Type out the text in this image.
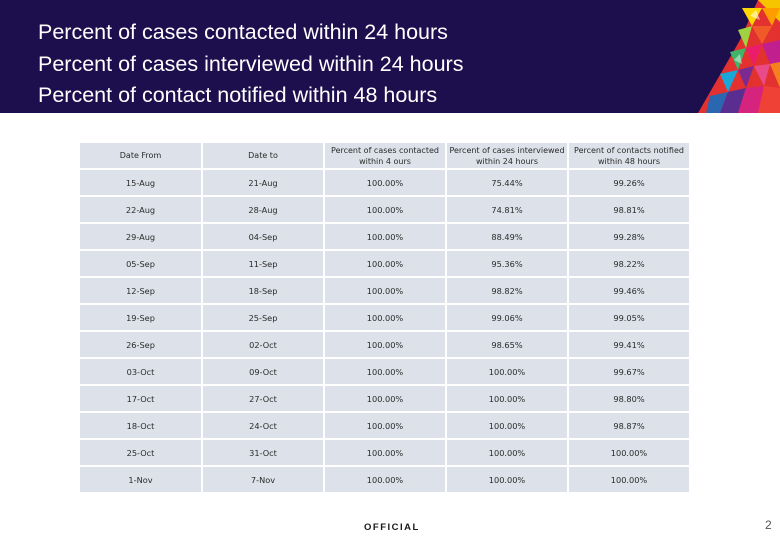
Percent of cases contacted within 24 hours
Percent of cases interviewed within 24 hours
Percent of contact notified within 48 hours
Date From	Date to	Percent of cases contacted within 4 ours	Percent of cases interviewed within 24 hours	Percent of contacts notified within 48 hours
15-Aug	21-Aug	100.00%	75.44%	99.26%
22-Aug	28-Aug	100.00%	74.81%	98.81%
29-Aug	04-Sep	100.00%	88.49%	99.28%
05-Sep	11-Sep	100.00%	95.36%	98.22%
12-Sep	18-Sep	100.00%	98.82%	99.46%
19-Sep	25-Sep	100.00%	99.06%	99.05%
26-Sep	02-Oct	100.00%	98.65%	99.41%
03-Oct	09-Oct	100.00%	100.00%	99.67%
17-Oct	27-Oct	100.00%	100.00%	98.80%
18-Oct	24-Oct	100.00%	100.00%	98.87%
25-Oct	31-Oct	100.00%	100.00%	100.00%
1-Nov	7-Nov	100.00%	100.00%	100.00%
OFFICIAL	2
